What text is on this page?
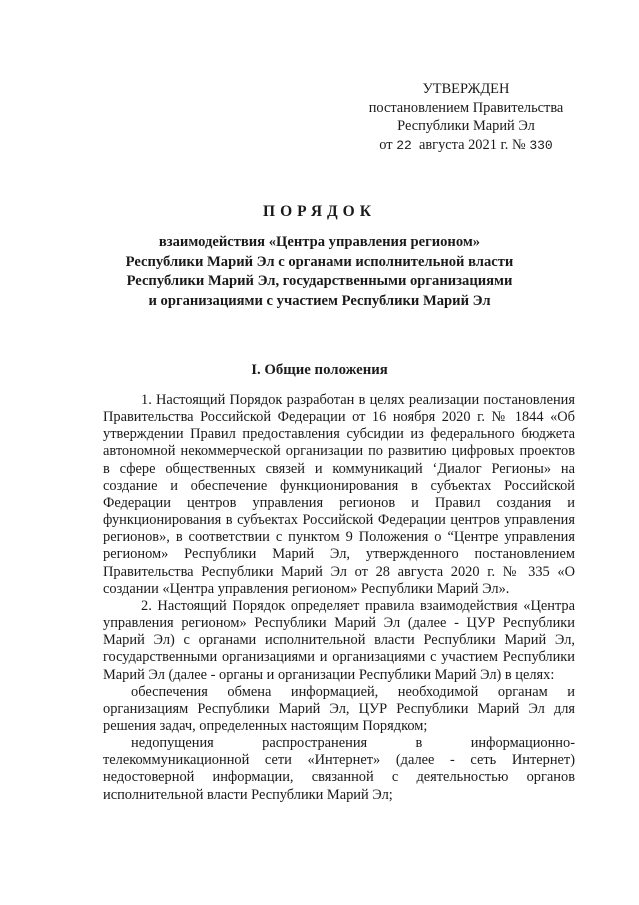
УТВЕРЖДЕН
постановлением Правительства
Республики Марий Эл
от 22 августа 2021 г. № 330
ПОРЯДОК
взаимодействия «Центра управления регионом»
Республики Марий Эл с органами исполнительной власти
Республики Марий Эл, государственными организациями
и организациями с участием Республики Марий Эл
I. Общие положения

1. Настоящий Порядок разработан в целях реализации постановления Правительства Российской Федерации от 16 ноября 2020 г. № 1844 «Об утверждении Правил предоставления субсидии из федерального бюджета автономной некоммерческой организации по развитию цифровых проектов в сфере общественных связей и коммуникаций ‘Диалог Регионы» на создание и обеспечение функционирования в субъектах Российской Федерации центров управления регионов и Правил создания и функционирования в субъектах Российской Федерации центров управления регионов», в соответствии с пунктом 9 Положения о “Центре управления регионом» Республики Марий Эл, утвержденного постановлением Правительства Республики Марий Эл от 28 августа 2020 г. № 335 «О создании «Центра управления регионом» Республики Марий Эл».

2. Настоящий Порядок определяет правила взаимодействия «Центра управления регионом» Республики Марий Эл (далее - ЦУР Республики Марий Эл) с органами исполнительной власти Республики Марий Эл, государственными организациями и организациями с участием Республики Марий Эл (далее - органы и организации Республики Марий Эл) в целях:

обеспечения обмена информацией, необходимой органам и организациям Республики Марий Эл, ЦУР Республики Марий Эл для решения задач, определенных настоящим Порядком;

недопущения распространения в информационно-телекоммуникационной сети «Интернет» (далее - сеть Интернет) недостоверной информации, связанной с деятельностью органов исполнительной власти Республики Марий Эл;
